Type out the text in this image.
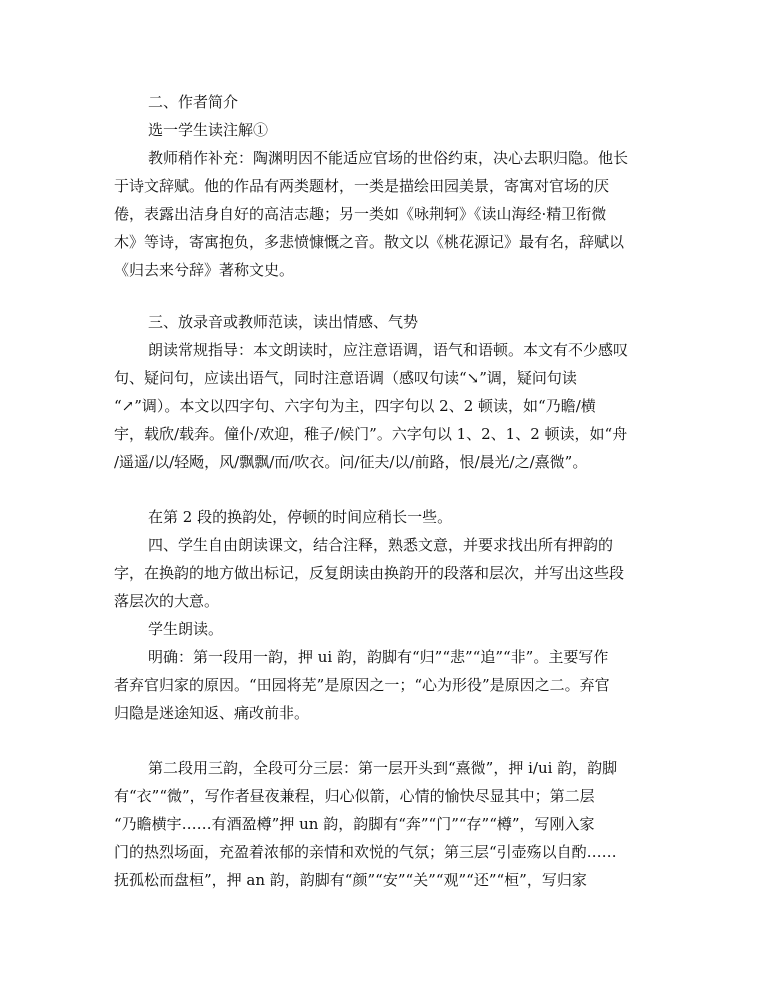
二、作者简介
选一学生读注解①
教师稍作补充：陶渊明因不能适应官场的世俗约束，决心去职归隐。他长
于诗文辞赋。他的作品有两类题材，一类是描绘田园美景，寄寓对官场的厌
倦，表露出洁身自好的高洁志趣；另一类如《咏荆轲》《读山海经·精卫衔微
木》等诗，寄寓抱负，多悲愤慷慨之音。散文以《桃花源记》最有名，辞赋以
《归去来兮辞》著称文史。
三、放录音或教师范读，读出情感、气势
朗读常规指导：本文朗读时，应注意语调，语气和语顿。本文有不少感叹
句、疑问句，应读出语气，同时注意语调（感叹句读“↘”调，疑问句读
“↗”调）。本文以四字句、六字句为主，四字句以 2、2 顿读，如“乃瞻/横
宇，载欣/载奔。僮仆/欢迎，稚子/候门”。六字句以 1、2、1、2 顿读，如“舟
/遥遥/以/轻飏，风/飘飘/而/吹衣。问/征夫/以/前路，恨/晨光/之/熹微”。
在第 2 段的换韵处，停顿的时间应稍长一些。
四、学生自由朗读课文，结合注释，熟悉文意，并要求找出所有押韵的
字，在换韵的地方做出标记，反复朗读由换韵开的段落和层次，并写出这些段
落层次的大意。
学生朗读。
明确：第一段用一韵，押 ui 韵，韵脚有“归”“悲”“追”“非”。主要写作
者弃官归家的原因。“田园将芜”是原因之一；“心为形役”是原因之二。弃官
归隐是迷途知返、痛改前非。
第二段用三韵，全段可分三层：第一层开头到“熹微”，押 i/ui 韵，韵脚
有“衣”“微”，写作者昼夜兼程，归心似箭，心情的愉快尽显其中；第二层
“乃瞻横宇……有酒盈樽”押 un 韵，韵脚有“奔”“门”“存”“樽”，写刚入家
门的热烈场面，充盈着浓郁的亲情和欢悦的气氛；第三层“引壶殇以自酌……
抚孤松而盘桓”，押 an 韵，韵脚有“颜”“安”“关”“观”“还”“桓”，写归家
